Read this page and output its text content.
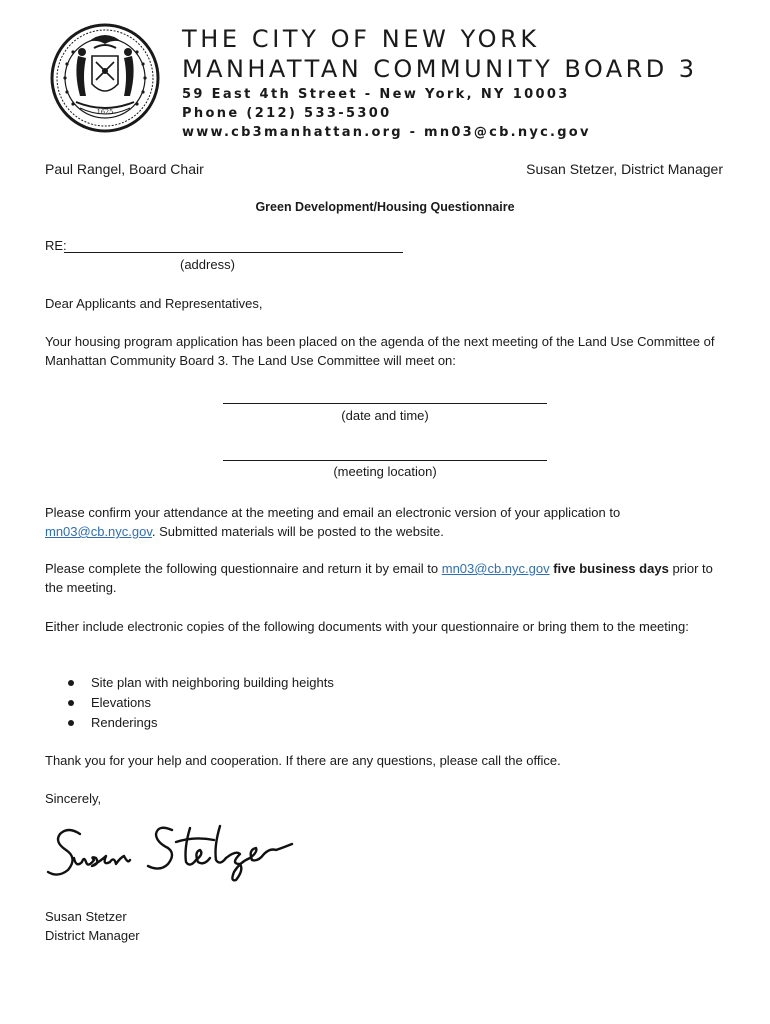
1625
THE CITY OF NEW YORK
MANHATTAN COMMUNITY BOARD 3
59 East 4th Street - New York, NY 10003
Phone (212) 533-5300
www.cb3manhattan.org - mn03@cb.nyc.gov
Paul Rangel, Board Chair	Susan Stetzer, District Manager
Green Development/Housing Questionnaire
RE:
(address)
Dear Applicants and Representatives,
Your housing program application has been placed on the agenda of the next meeting of the Land Use Committee of Manhattan Community Board 3. The Land Use Committee will meet on:
(date and time)
(meeting location)
Please confirm your attendance at the meeting and email an electronic version of your application to mn03@cb.nyc.gov. Submitted materials will be posted to the website.
Please complete the following questionnaire and return it by email to mn03@cb.nyc.gov five business days prior to the meeting.
Either include electronic copies of the following documents with your questionnaire or bring them to the meeting:
Site plan with neighboring building heights
Elevations
Renderings
Thank you for your help and cooperation. If there are any questions, please call the office.
Sincerely,
Susan Stetzer
District Manager
